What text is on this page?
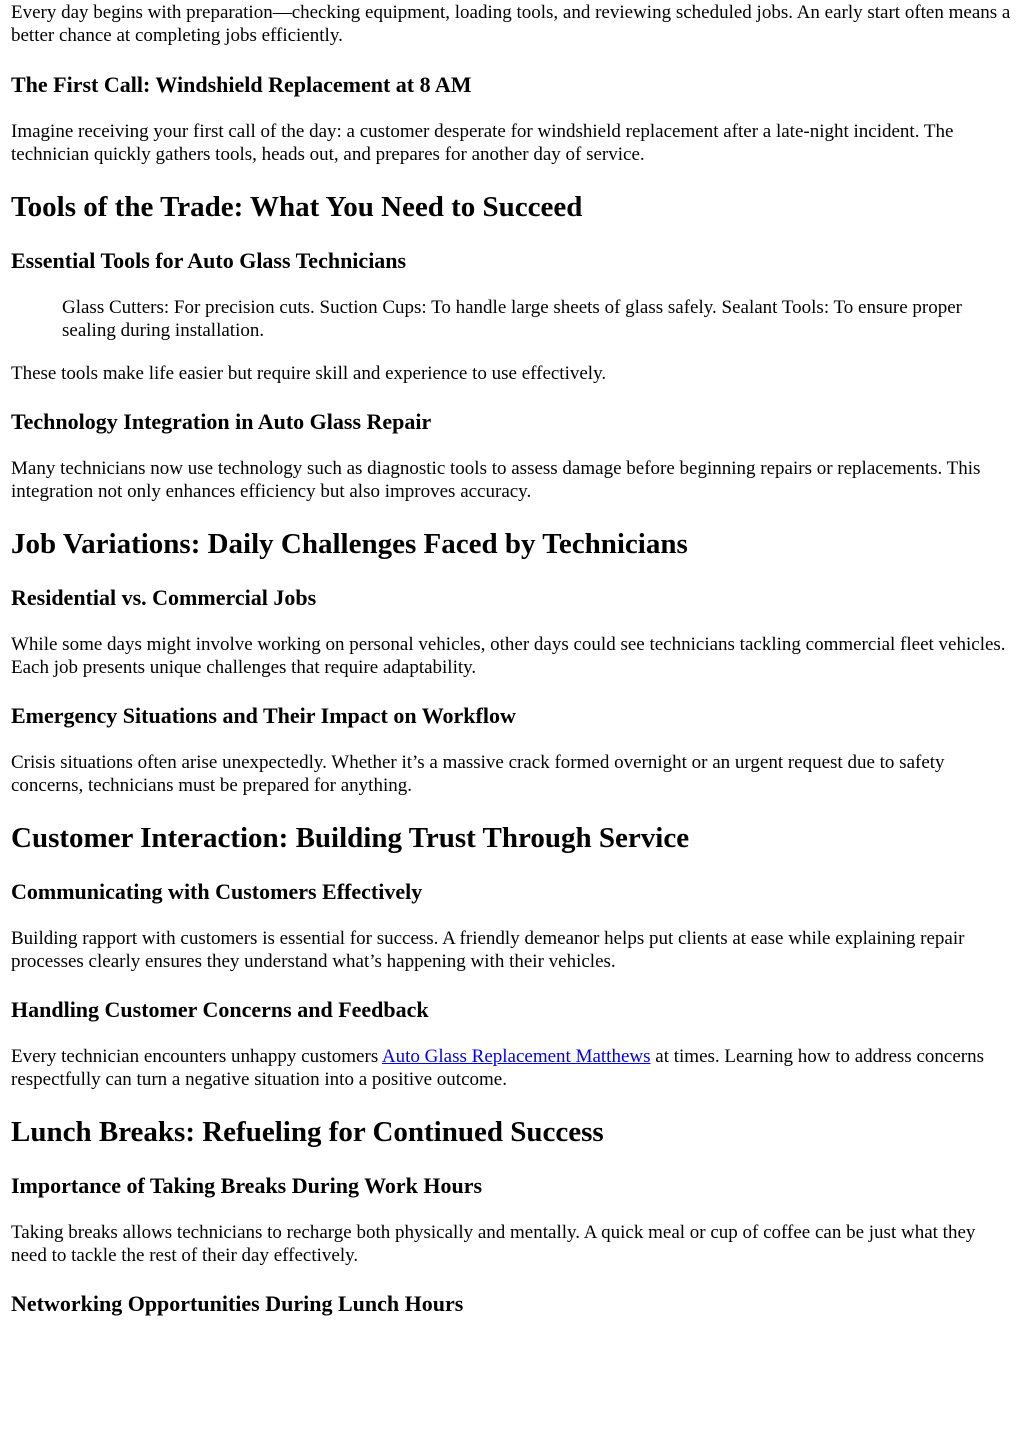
Every day begins with preparation—checking equipment, loading tools, and reviewing scheduled jobs. An early start often means a better chance at completing jobs efficiently.

The First Call: Windshield Replacement at 8 AM

Imagine receiving your first call of the day: a customer desperate for windshield replacement after a late-night incident. The technician quickly gathers tools, heads out, and prepares for another day of service.

Tools of the Trade: What You Need to Succeed
Essential Tools for Auto Glass Technicians
Glass Cutters: For precision cuts. Suction Cups: To handle large sheets of glass safely. Sealant Tools: To ensure proper sealing during installation.

These tools make life easier but require skill and experience to use effectively.

Technology Integration in Auto Glass Repair

Many technicians now use technology such as diagnostic tools to assess damage before beginning repairs or replacements. This integration not only enhances efficiency but also improves accuracy.

Job Variations: Daily Challenges Faced by Technicians
Residential vs. Commercial Jobs

While some days might involve working on personal vehicles, other days could see technicians tackling commercial fleet vehicles. Each job presents unique challenges that require adaptability.

Emergency Situations and Their Impact on Workflow

Crisis situations often arise unexpectedly. Whether it’s a massive crack formed overnight or an urgent request due to safety concerns, technicians must be prepared for anything.

Customer Interaction: Building Trust Through Service
Communicating with Customers Effectively

Building rapport with customers is essential for success. A friendly demeanor helps put clients at ease while explaining repair processes clearly ensures they understand what’s happening with their vehicles.

Handling Customer Concerns and Feedback

Every technician encounters unhappy customers Auto Glass Replacement Matthews at times. Learning how to address concerns respectfully can turn a negative situation into a positive outcome.

Lunch Breaks: Refueling for Continued Success
Importance of Taking Breaks During Work Hours

Taking breaks allows technicians to recharge both physically and mentally. A quick meal or cup of coffee can be just what they need to tackle the rest of their day effectively.

Networking Opportunities During Lunch Hours
